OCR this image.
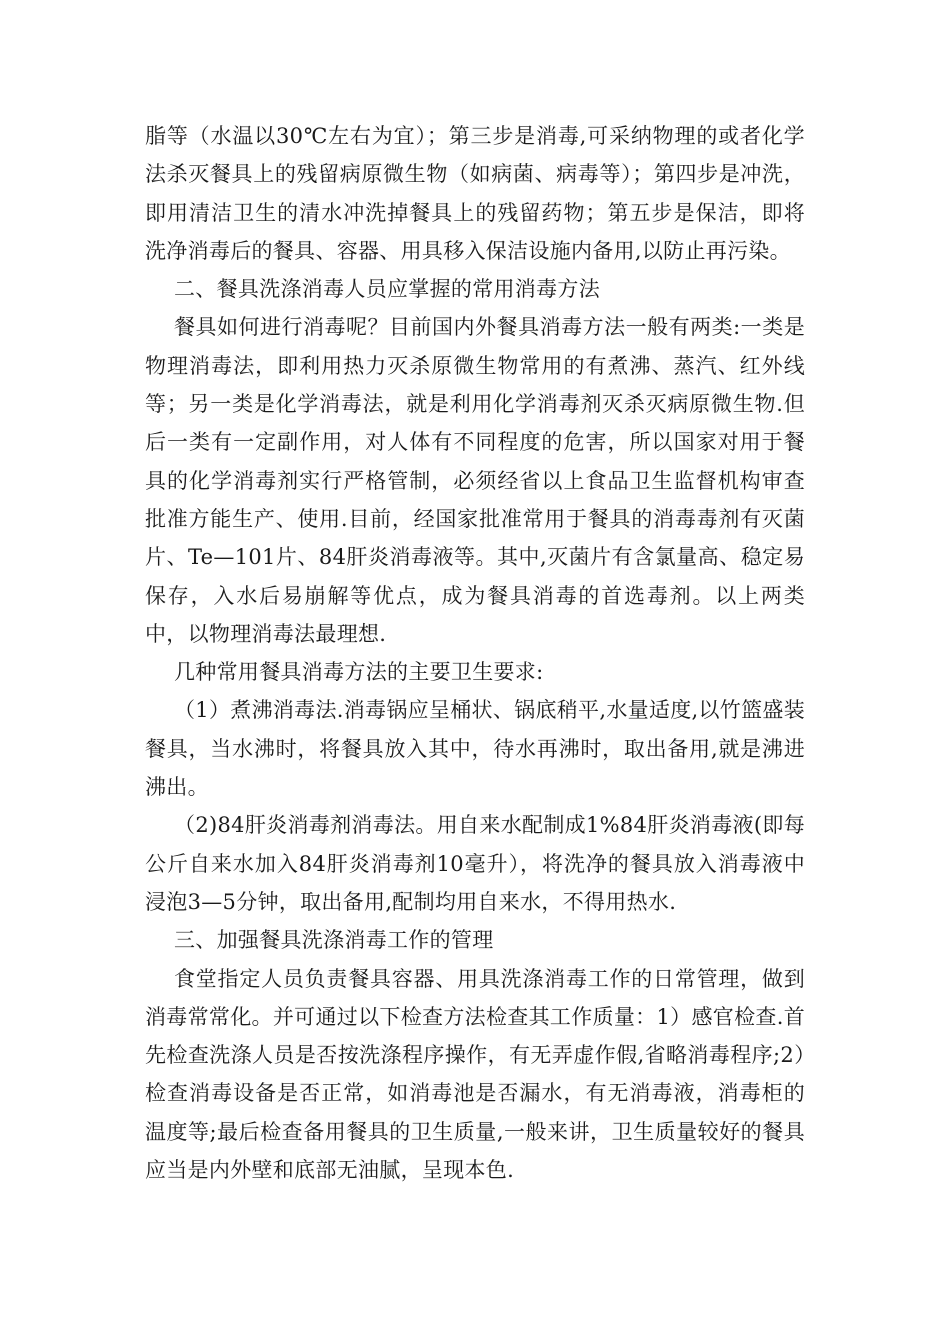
脂等（水温以30℃左右为宜）；第三步是消毒,可采纳物理的或者化学法杀灭餐具上的残留病原微生物（如病菌、病毒等）；第四步是冲洗，即用清洁卫生的清水冲洗掉餐具上的残留药物；第五步是保洁，即将洗净消毒后的餐具、容器、用具移入保洁设施内备用,以防止再污染。

二、餐具洗涤消毒人员应掌握的常用消毒方法

餐具如何进行消毒呢？目前国内外餐具消毒方法一般有两类:一类是物理消毒法，即利用热力灭杀原微生物常用的有煮沸、蒸汽、红外线等；另一类是化学消毒法，就是利用化学消毒剂灭杀灭病原微生物.但后一类有一定副作用，对人体有不同程度的危害，所以国家对用于餐具的化学消毒剂实行严格管制，必须经省以上食品卫生监督机构审查批准方能生产、使用.目前，经国家批准常用于餐具的消毒毒剂有灭菌片、Te—101片、84肝炎消毒液等。其中,灭菌片有含氯量高、稳定易保存，入水后易崩解等优点，成为餐具消毒的首选毒剂。以上两类中，以物理消毒法最理想.

几种常用餐具消毒方法的主要卫生要求:

（1）煮沸消毒法.消毒锅应呈桶状、锅底稍平,水量适度,以竹篮盛装餐具，当水沸时，将餐具放入其中，待水再沸时，取出备用,就是沸进沸出。

（2)84肝炎消毒剂消毒法。用自来水配制成1%84肝炎消毒液(即每公斤自来水加入84肝炎消毒剂10毫升），将洗净的餐具放入消毒液中浸泡3—5分钟，取出备用,配制均用自来水，不得用热水.

三、加强餐具洗涤消毒工作的管理

食堂指定人员负责餐具容器、用具洗涤消毒工作的日常管理，做到消毒常常化。并可通过以下检查方法检查其工作质量：1）感官检查.首先检查洗涤人员是否按洗涤程序操作，有无弄虚作假,省略消毒程序;2）检查消毒设备是否正常，如消毒池是否漏水，有无消毒液，消毒柜的温度等;最后检查备用餐具的卫生质量,一般来讲，卫生质量较好的餐具应当是内外壁和底部无油腻，呈现本色.
